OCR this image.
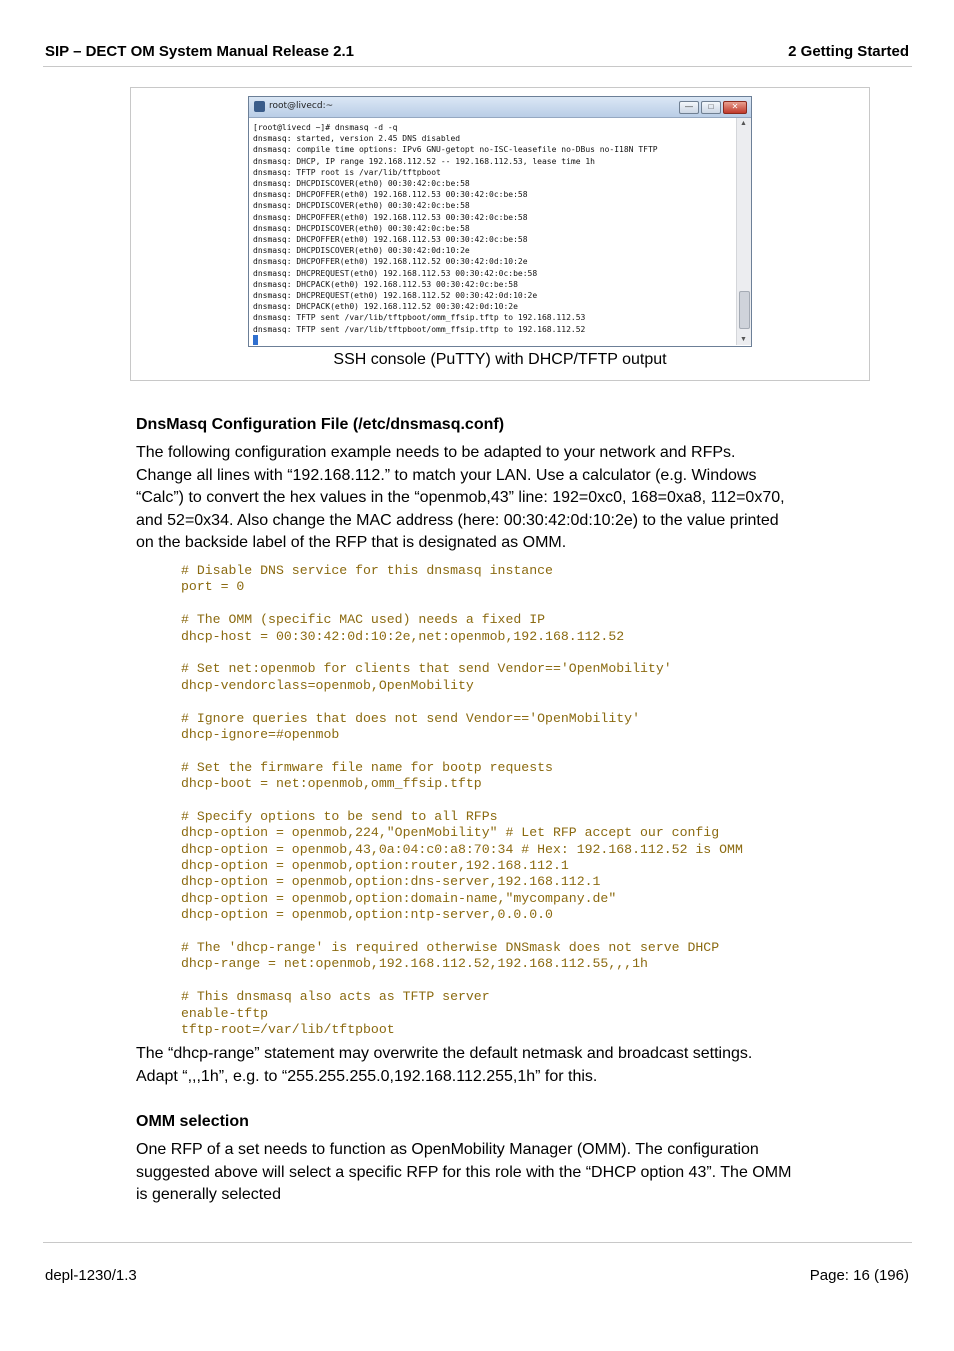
SIP – DECT OM System Manual Release 2.1	2 Getting Started
root@livecd:~	—	□	✕
[root@livecd ~]# dnsmasq -d -q
dnsmasq: started, version 2.45 DNS disabled
dnsmasq: compile time options: IPv6 GNU-getopt no-ISC-leasefile no-DBus no-I18N TFTP
dnsmasq: DHCP, IP range 192.168.112.52 -- 192.168.112.53, lease time 1h
dnsmasq: TFTP root is /var/lib/tftpboot
dnsmasq: DHCPDISCOVER(eth0) 00:30:42:0c:be:58
dnsmasq: DHCPOFFER(eth0) 192.168.112.53 00:30:42:0c:be:58
dnsmasq: DHCPDISCOVER(eth0) 00:30:42:0c:be:58
dnsmasq: DHCPOFFER(eth0) 192.168.112.53 00:30:42:0c:be:58
dnsmasq: DHCPDISCOVER(eth0) 00:30:42:0c:be:58
dnsmasq: DHCPOFFER(eth0) 192.168.112.53 00:30:42:0c:be:58
dnsmasq: DHCPDISCOVER(eth0) 00:30:42:0d:10:2e
dnsmasq: DHCPOFFER(eth0) 192.168.112.52 00:30:42:0d:10:2e
dnsmasq: DHCPREQUEST(eth0) 192.168.112.53 00:30:42:0c:be:58
dnsmasq: DHCPACK(eth0) 192.168.112.53 00:30:42:0c:be:58
dnsmasq: DHCPREQUEST(eth0) 192.168.112.52 00:30:42:0d:10:2e
dnsmasq: DHCPACK(eth0) 192.168.112.52 00:30:42:0d:10:2e
dnsmasq: TFTP sent /var/lib/tftpboot/omm_ffsip.tftp to 192.168.112.53
dnsmasq: TFTP sent /var/lib/tftpboot/omm_ffsip.tftp to 192.168.112.52
▲
▼
SSH console (PuTTY) with DHCP/TFTP output
DnsMasq Configuration File (/etc/dnsmasq.conf)
The following configuration example needs to be adapted to your network and RFPs.
Change all lines with “192.168.112.” to match your LAN. Use a calculator (e.g. Windows
“Calc”) to convert the hex values in the “openmob,43” line: 192=0xc0, 168=0xa8, 112=0x70,
and 52=0x34. Also change the MAC address (here: 00:30:42:0d:10:2e) to the value printed
on the backside label of the RFP that is designated as OMM.
# Disable DNS service for this dnsmasq instance
port = 0
# The OMM (specific MAC used) needs a fixed IP
dhcp-host = 00:30:42:0d:10:2e,net:openmob,192.168.112.52
# Set net:openmob for clients that send Vendor=='OpenMobility'
dhcp-vendorclass=openmob,OpenMobility
# Ignore queries that does not send Vendor=='OpenMobility'
dhcp-ignore=#openmob
# Set the firmware file name for bootp requests
dhcp-boot = net:openmob,omm_ffsip.tftp
# Specify options to be send to all RFPs
dhcp-option = openmob,224,"OpenMobility" # Let RFP accept our config
dhcp-option = openmob,43,0a:04:c0:a8:70:34 # Hex: 192.168.112.52 is OMM
dhcp-option = openmob,option:router,192.168.112.1
dhcp-option = openmob,option:dns-server,192.168.112.1
dhcp-option = openmob,option:domain-name,"mycompany.de"
dhcp-option = openmob,option:ntp-server,0.0.0.0
# The 'dhcp-range' is required otherwise DNSmask does not serve DHCP
dhcp-range = net:openmob,192.168.112.52,192.168.112.55,,,1h
# This dnsmasq also acts as TFTP server
enable-tftp
tftp-root=/var/lib/tftpboot
The “dhcp-range” statement may overwrite the default netmask and broadcast settings.
Adapt “,,,1h”, e.g. to “255.255.255.0,192.168.112.255,1h” for this.
OMM selection
One RFP of a set needs to function as OpenMobility Manager (OMM). The configuration
suggested above will select a specific RFP for this role with the “DHCP option 43”. The OMM
is generally selected
depl-1230/1.3	Page: 16 (196)
